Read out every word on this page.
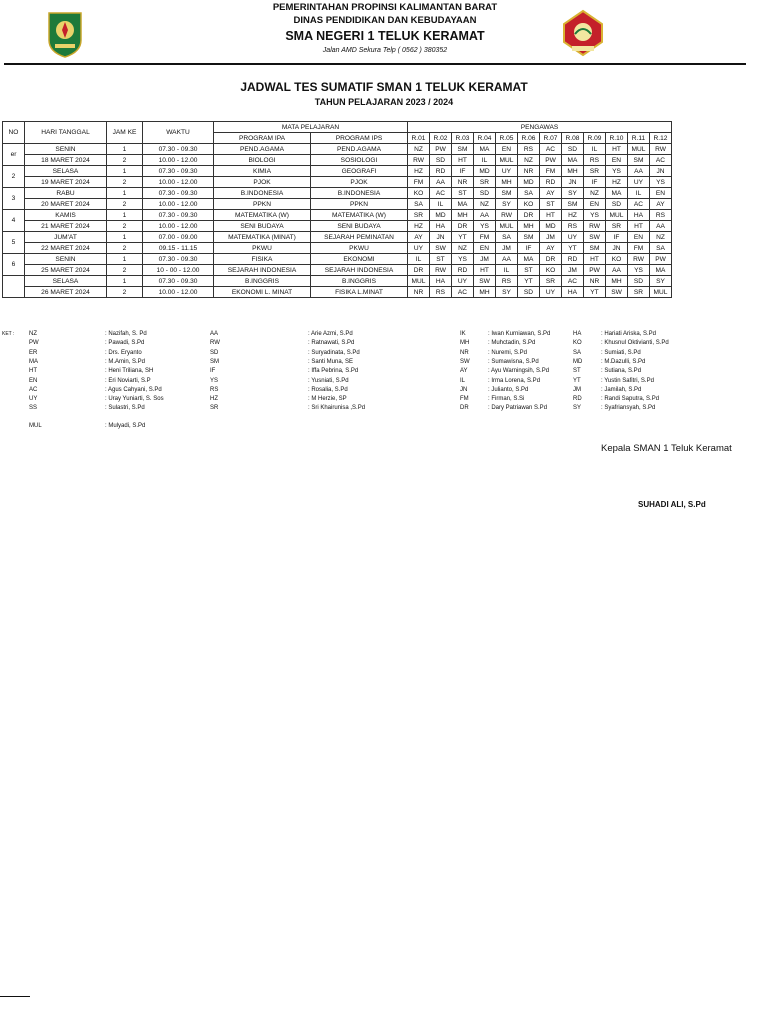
PEMERINTAHAN PROPINSI KALIMANTAN BARAT
DINAS PENDIDIKAN DAN KEBUDAYAAN
SMA NEGERI 1 TELUK KERAMAT
Jalan AMD Sekura Telp ( 0562 ) 380352
JADWAL TES SUMATIF SMAN 1 TELUK KERAMAT
TAHUN PELAJARAN 2023 / 2024
NO	HARI TANGGAL	JAM KE	WAKTU	MATA PELAJARAN		PENGAWAS											
				PROGRAM IPA	PROGRAM IPS	R.01	R.02	R.03	R.04	R.05	R.06	R.07	R.08	R.09	R.10	R.11	R.12
er	SENIN	1	07.30 - 09.30	PEND.AGAMA	PEND.AGAMA	NZ	PW	SM	MA	EN	RS	AC	SD	IL	HT	MUL	RW
	18 MARET 2024	2	10.00 - 12.00	BIOLOGI	SOSIOLOGI	RW	SD	HT	IL	MUL	NZ	PW	MA	RS	EN	SM	AC
2	SELASA	1	07.30 - 09.30	KIMIA	GEOGRAFI	HZ	RD	IF	MD	UY	NR	FM	MH	SR	YS	AA	JN
	19 MARET 2024	2	10.00 - 12.00	PJOK	PJOK	FM	AA	NR	SR	MH	MD	RD	JN	IF	HZ	UY	YS
3	RABU	1	07.30 - 09.30	B.INDONESIA	B.INDONESIA	KO	AC	ST	SD	SM	SA	AY	SY	NZ	MA	IL	EN
	20 MARET 2024	2	10.00 - 12.00	PPKN	PPKN	SA	IL	MA	NZ	SY	KO	ST	SM	EN	SD	AC	AY
4	KAMIS	1	07.30 - 09.30	MATEMATIKA (W)	MATEMATIKA (W)	SR	MD	MH	AA	RW	DR	HT	HZ	YS	MUL	HA	RS
	21 MARET 2024	2	10.00 - 12.00	SENI BUDAYA	SENI BUDAYA	HZ	HA	DR	YS	MUL	MH	MD	RS	RW	SR	HT	AA
5	JUM'AT	1	07.00 - 09.00	MATEMATIKA (MINAT)	SEJARAH PEMINATAN	AY	JN	YT	FM	SA	SM	JM	UY	SW	IF	EN	NZ
	22 MARET 2024	2	09.15 - 11.15	PKWU	PKWU	UY	SW	NZ	EN	JM	IF	AY	YT	SM	JN	FM	SA
6	SENIN	1	07.30 - 09.30	FISIKA	EKONOMI	IL	ST	YS	JM	AA	MA	DR	RD	HT	KO	RW	PW
	25 MARET 2024	2	10 - 00 - 12.00	SEJARAH INDONESIA	SEJARAH INDONESIA	DR	RW	RD	HT	IL	ST	KO	JM	PW	AA	YS	MA
	SELASA	1	07.30 - 09.30	B.INGGRIS	B.INGGRIS	MUL	HA	UY	SW	RS	YT	SR	AC	NR	MH	SD	SY
	26 MARET 2024	2	10.00 - 12.00	EKONOMI L. MINAT	FISIKA L.MINAT	NR	RS	AC	MH	SY	SD	UY	HA	YT	SW	SR	MUL
KET : NZ	: Nazifah, S. Pd
PW	: Pawadi, S.Pd
ER	: Drs. Eryanto
MA	: M.Amin, S.Pd
HT	: Heni Triliana, SH
EN	: Eri Noviarti, S.P
AC	: Agus Cahyani, S.Pd
UY	: Uray Yuniarti, S. Sos
SS	: Sulastri, S.Pd
MUL	: Mulyadi, S.Pd
AA	: Arie Azmi, S.Pd
RW	: Ratnawati, S.Pd
SD	: Suryadinata, S.Pd
SM	: Santi Muna, SE
IF	: Iffa Pebrina, S.Pd
YS	: Yusniati, S.Pd
RS	: Rosalia, S.Pd
HZ	: M Herzie, SP
SR	: Sri Khairunisa ,S.Pd
IK	: Iwan Kurniawan, S.Pd
MH	: Muhctadin, S.Pd
NR	: Nuremi, S.Pd
SW	: Sumawisna, S.Pd
AY	: Ayu Warningsih, S.Pd
IL	: Irma Lorena, S.Pd
JN	: Julianto, S.Pd
FM	: Firman, S.Si
DR	: Dary Patriawan S.Pd
HA	: Hariati Ariska, S.Pd
KO	: Khusnul Oktivianti, S.Pd
SA	: Sumiati, S.Pd
MD	: M.Dazulli, S.Pd
ST	: Sutiana, S.Pd
YT	: Yustin Safitri, S.Pd
JM	: Jamilah, S.Pd
RD	: Randi Saputra, S.Pd
SY	: Syafriansyah, S.Pd
Kepala SMAN 1 Teluk Keramat
SUHADI ALI, S.Pd
